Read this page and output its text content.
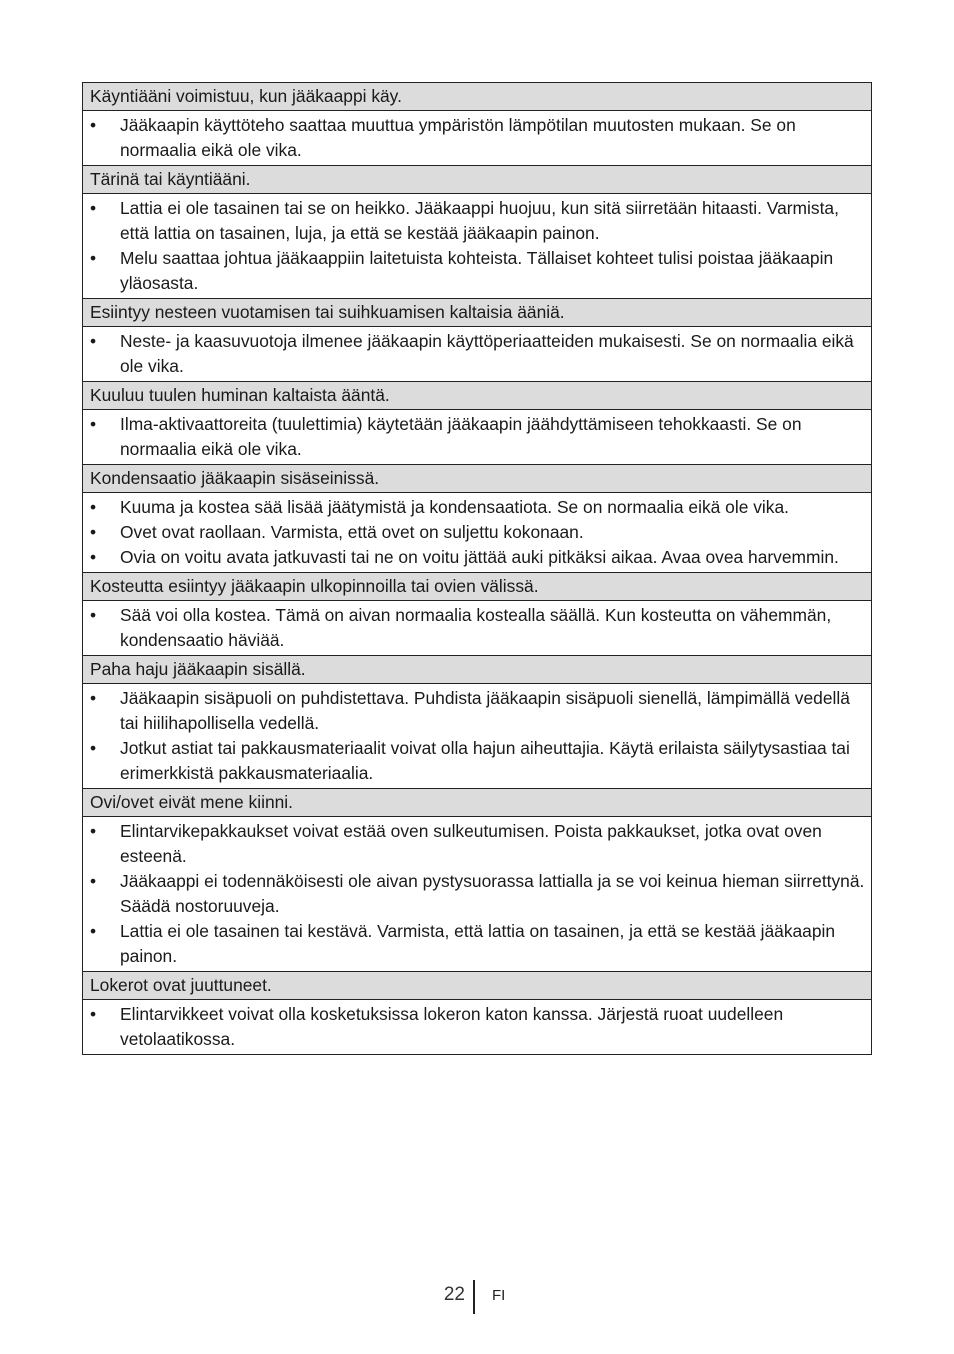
Käyntiääni voimistuu, kun jääkaappi käy.
•	Jääkaapin käyttöteho saattaa muuttua ympäristön lämpötilan muutosten mukaan. Se on normaalia eikä ole vika.
Tärinä tai käyntiääni.
•	Lattia ei ole tasainen tai se on heikko. Jääkaappi huojuu, kun sitä siirretään hitaasti. Varmista, että lattia on tasainen, luja, ja että se kestää jääkaapin painon.
•	Melu saattaa johtua jääkaappiin laitetuista kohteista. Tällaiset kohteet tulisi poistaa jääkaapin yläosasta.
Esiintyy nesteen vuotamisen tai suihkuamisen kaltaisia ääniä.
•	Neste- ja kaasuvuotoja ilmenee jääkaapin käyttöperiaatteiden mukaisesti. Se on normaalia eikä ole vika.
Kuuluu tuulen huminan kaltaista ääntä.
•	Ilma-aktivaattoreita (tuulettimia) käytetään jääkaapin jäähdyttämiseen tehokkaasti. Se on normaalia eikä ole vika.
Kondensaatio jääkaapin sisäseinissä.
•	Kuuma ja kostea sää lisää jäätymistä ja kondensaatiota. Se on normaalia eikä ole vika.
•	Ovet ovat raollaan. Varmista, että ovet on suljettu kokonaan.
•	Ovia on voitu avata jatkuvasti tai ne on voitu jättää auki pitkäksi aikaa. Avaa ovea harvemmin.
Kosteutta esiintyy jääkaapin ulkopinnoilla tai ovien välissä.
•	Sää voi olla kostea. Tämä on aivan normaalia kostealla säällä. Kun kosteutta on vähemmän, kondensaatio häviää.
Paha haju jääkaapin sisällä.
•	Jääkaapin sisäpuoli on puhdistettava. Puhdista jääkaapin sisäpuoli sienellä, lämpimällä vedellä tai hiilihapollisella vedellä.
•	Jotkut astiat tai pakkausmateriaalit voivat olla hajun aiheuttajia. Käytä erilaista säilytysastiaa tai erimerkkistä pakkausmateriaalia.
Ovi/ovet eivät mene kiinni.
•	Elintarvikepakkaukset voivat estää oven sulkeutumisen. Poista pakkaukset, jotka ovat oven esteenä.
•	Jääkaappi ei todennäköisesti ole aivan pystysuorassa lattialla ja se voi keinua hieman siirrettynä. Säädä nostoruuveja.
•	Lattia ei ole tasainen tai kestävä. Varmista, että lattia on tasainen, ja että se kestää jääkaapin painon.
Lokerot ovat juuttuneet.
•	Elintarvikkeet voivat olla kosketuksissa lokeron katon kanssa. Järjestä ruoat uudelleen vetolaatikossa.
22 FI
